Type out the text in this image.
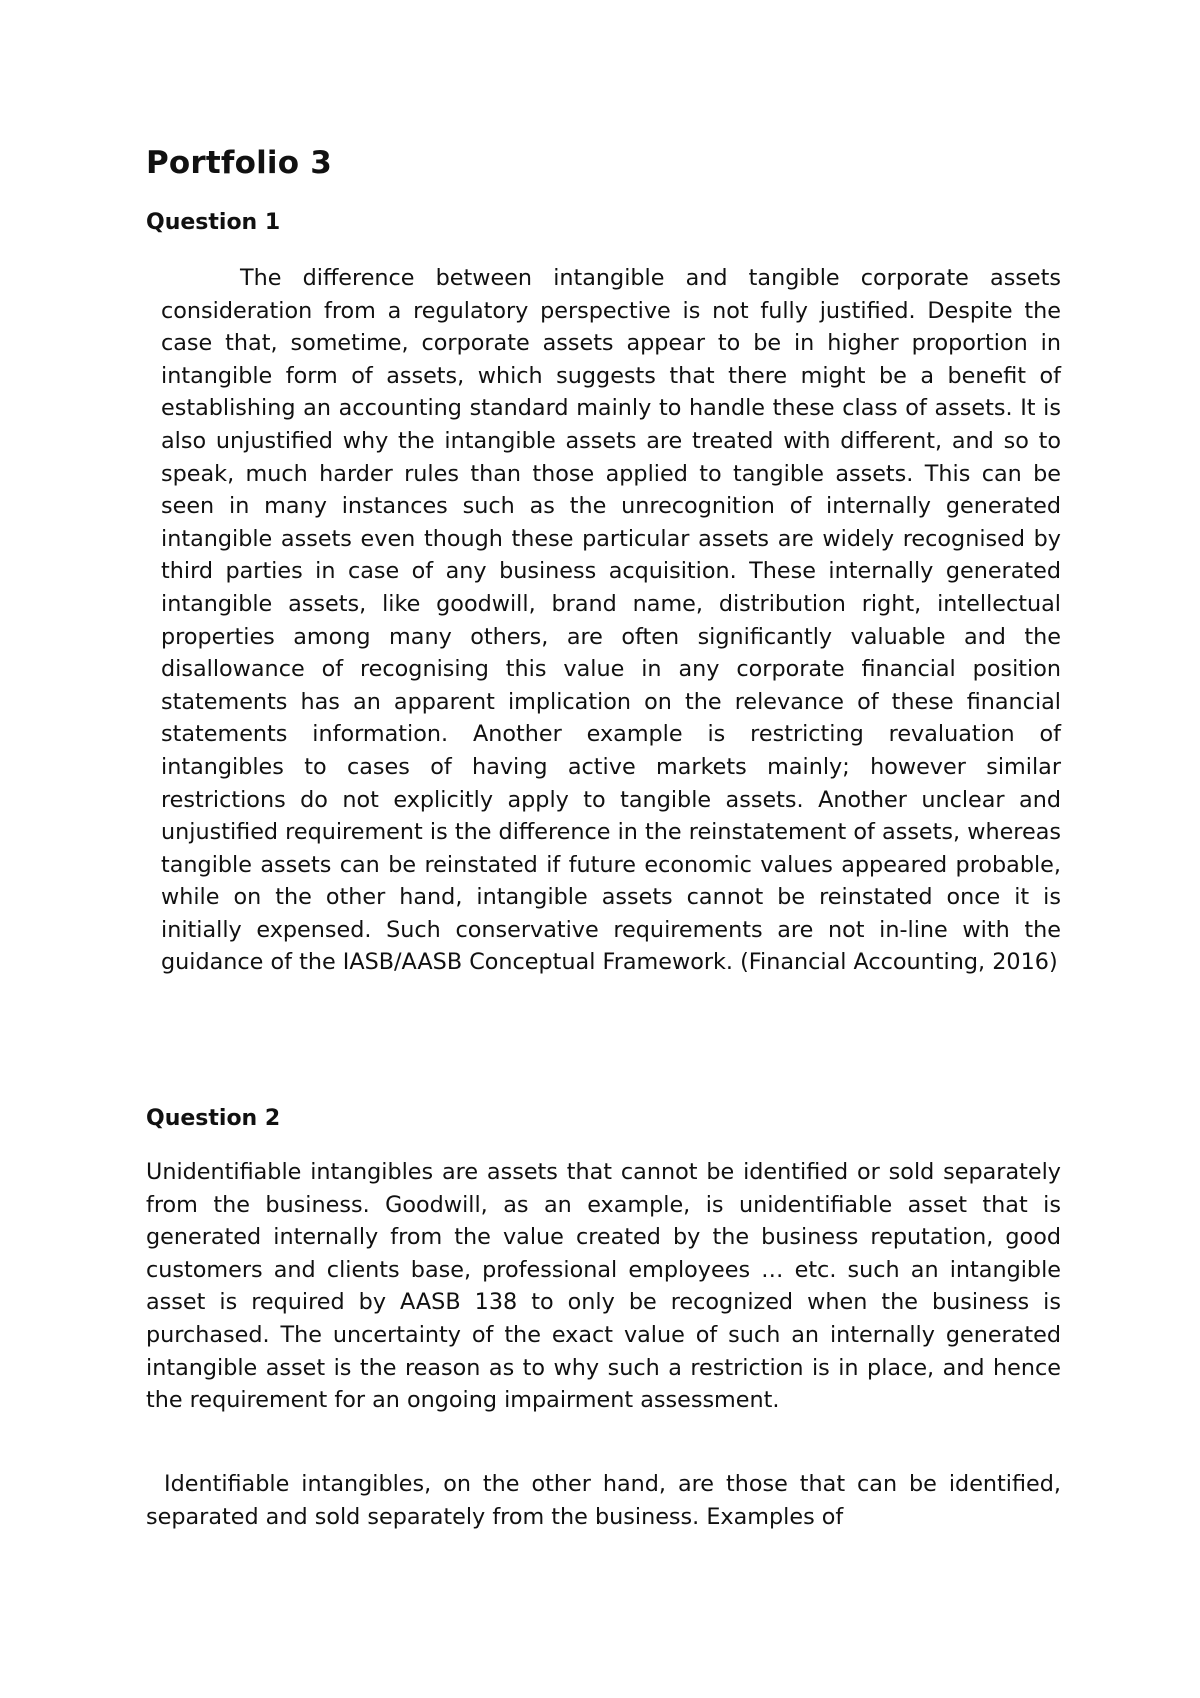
Portfolio 3
Question 1

The difference between intangible and tangible corporate assets consideration from a regulatory perspective is not fully justified. Despite the case that, sometime, corporate assets appear to be in higher proportion in intangible form of assets, which suggests that there might be a benefit of establishing an accounting standard mainly to handle these class of assets. It is also unjustified why the intangible assets are treated with different, and so to speak, much harder rules than those applied to tangible assets. This can be seen in many instances such as the unrecognition of internally generated intangible assets even though these particular assets are widely recognised by third parties in case of any business acquisition. These internally generated intangible assets, like goodwill, brand name, distribution right, intellectual properties among many others, are often significantly valuable and the disallowance of recognising this value in any corporate financial position statements has an apparent implication on the relevance of these financial statements information. Another example is restricting revaluation of intangibles to cases of having active markets mainly; however similar restrictions do not explicitly apply to tangible assets. Another unclear and unjustified requirement is the difference in the reinstatement of assets, whereas tangible assets can be reinstated if future economic values appeared probable, while on the other hand, intangible assets cannot be reinstated once it is initially expensed. Such conservative requirements are not in-line with the guidance of the IASB/AASB Conceptual Framework. (Financial Accounting, 2016)

Question 2

Unidentifiable intangibles are assets that cannot be identified or sold separately from the business. Goodwill, as an example, is unidentifiable asset that is generated internally from the value created by the business reputation, good customers and clients base, professional employees … etc. such an intangible asset is required by AASB 138 to only be recognized when the business is purchased. The uncertainty of the exact value of such an internally generated intangible asset is the reason as to why such a restriction is in place, and hence the requirement for an ongoing impairment assessment.

Identifiable intangibles, on the other hand, are those that can be identified, separated and sold separately from the business. Examples of
